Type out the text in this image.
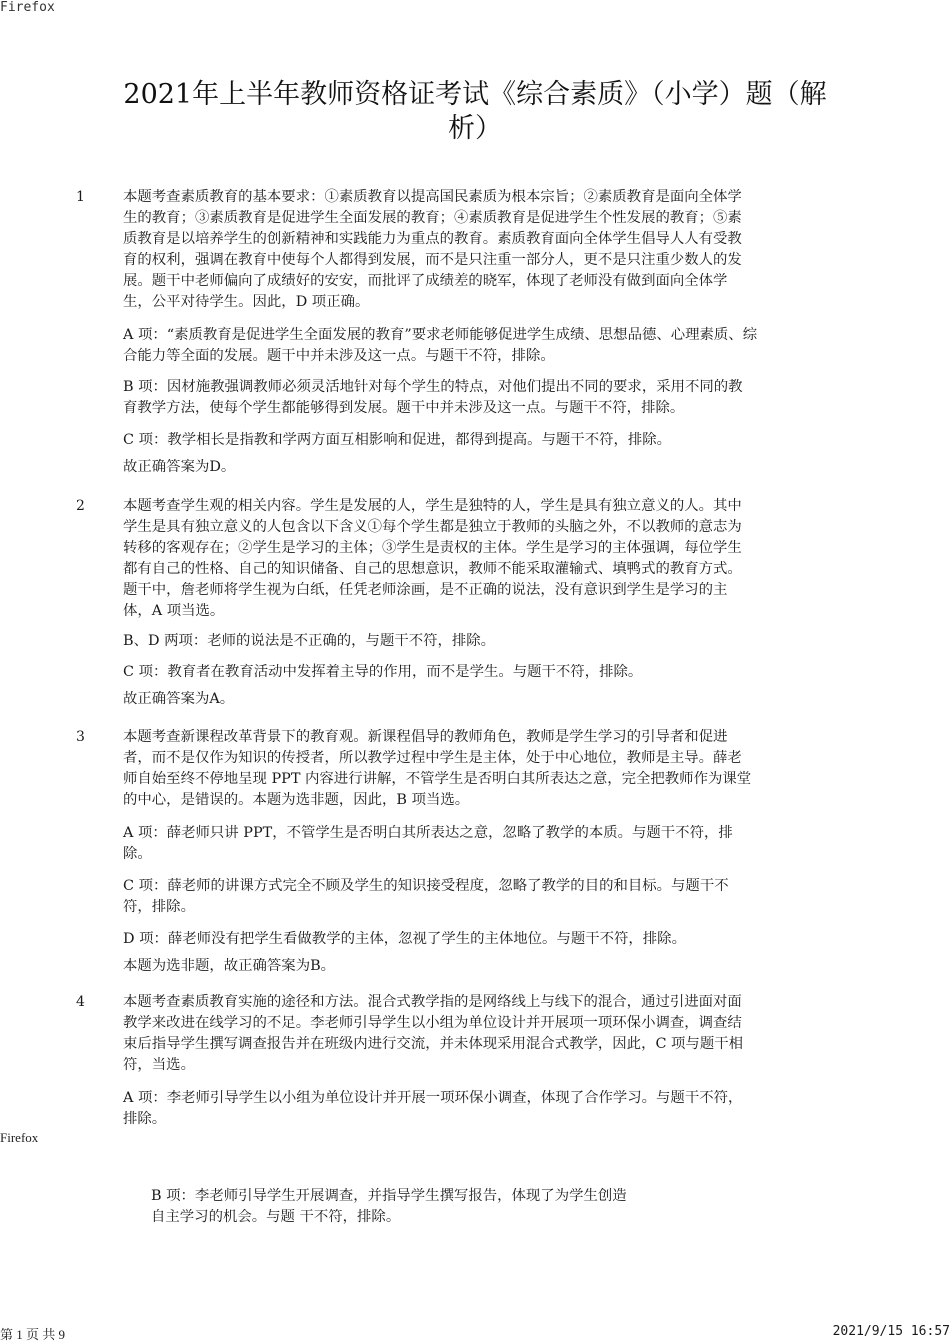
Firefox
2021年上半年教师资格证考试《综合素质》（小学）题（解
析）
1	本题考查素质教育的基本要求：①素质教育以提高国民素质为根本宗旨；②素质教育是面向全体学
生的教育；③素质教育是促进学生全面发展的教育；④素质教育是促进学生个性发展的教育；⑤素
质教育是以培养学生的创新精神和实践能力为重点的教育。素质教育面向全体学生倡导人人有受教
育的权利，强调在教育中使每个人都得到发展，而不是只注重一部分人，更不是只注重少数人的发
展。题干中老师偏向了成绩好的安安，而批评了成绩差的晓军，体现了老师没有做到面向全体学
生，公平对待学生。因此，D 项正确。
A 项：“素质教育是促进学生全面发展的教育”要求老师能够促进学生成绩、思想品德、心理素质、综
合能力等全面的发展。题干中并未涉及这一点。与题干不符，排除。
B 项：因材施教强调教师必须灵活地针对每个学生的特点，对他们提出不同的要求，采用不同的教
育教学方法，使每个学生都能够得到发展。题干中并未涉及这一点。与题干不符，排除。
C 项：教学相长是指教和学两方面互相影响和促进，都得到提高。与题干不符，排除。
故正确答案为D。
2	本题考查学生观的相关内容。学生是发展的人，学生是独特的人，学生是具有独立意义的人。其中
学生是具有独立意义的人包含以下含义①每个学生都是独立于教师的头脑之外，不以教师的意志为
转移的客观存在；②学生是学习的主体；③学生是责权的主体。学生是学习的主体强调，每位学生
都有自己的性格、自己的知识储备、自己的思想意识，教师不能采取灌输式、填鸭式的教育方式。
题干中，詹老师将学生视为白纸，任凭老师涂画，是不正确的说法，没有意识到学生是学习的主
体，A 项当选。
B、D 两项：老师的说法是不正确的，与题干不符，排除。
C 项：教育者在教育活动中发挥着主导的作用，而不是学生。与题干不符，排除。
故正确答案为A。
3	本题考查新课程改革背景下的教育观。新课程倡导的教师角色，教师是学生学习的引导者和促进
者，而不是仅作为知识的传授者，所以教学过程中学生是主体，处于中心地位，教师是主导。薛老
师自始至终不停地呈现 PPT 内容进行讲解，不管学生是否明白其所表达之意，完全把教师作为课堂
的中心，是错误的。本题为选非题，因此，B 项当选。
A 项：薛老师只讲 PPT，不管学生是否明白其所表达之意，忽略了教学的本质。与题干不符，排
除。
C 项：薛老师的讲课方式完全不顾及学生的知识接受程度，忽略了教学的目的和目标。与题干不
符，排除。
D 项：薛老师没有把学生看做教学的主体，忽视了学生的主体地位。与题干不符，排除。
本题为选非题，故正确答案为B。
4	本题考查素质教育实施的途径和方法。混合式教学指的是网络线上与线下的混合，通过引进面对面
教学来改进在线学习的不足。李老师引导学生以小组为单位设计并开展项一项环保小调查，调查结
束后指导学生撰写调查报告并在班级内进行交流，并未体现采用混合式教学，因此，C 项与题干相
符，当选。
A 项：李老师引导学生以小组为单位设计并开展一项环保小调查，体现了合作学习。与题干不符，
排除。
Firefox
B 项：李老师引导学生开展调查，并指导学生撰写报告，体现了为学生创造
自主学习的机会。与题 干不符，排除。
第 1 页 共 9	2021/9/15 16:57
